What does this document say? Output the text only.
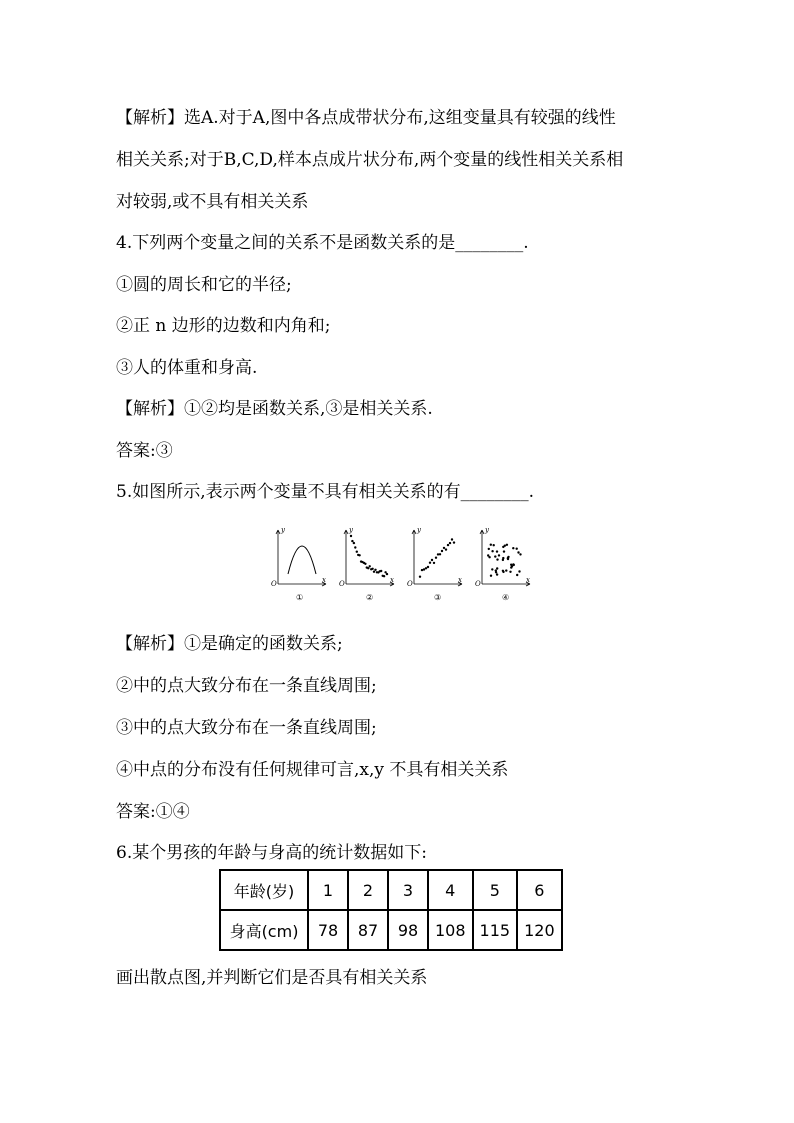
【解析】选A.对于A,图中各点成带状分布,这组变量具有较强的线性
相关关系;对于B,C,D,样本点成片状分布,两个变量的线性相关关系相
对较弱,或不具有相关关系
4.下列两个变量之间的关系不是函数关系的是________.
①圆的周长和它的半径;
②正 n 边形的边数和内角和;
③人的体重和身高.
【解析】①②均是函数关系,③是相关关系.
答案:③
5.如图所示,表示两个变量不具有相关关系的有________.
y
x
O
①
y
x
O
②
y
x
O
③
y
x
O
④
【解析】①是确定的函数关系;
②中的点大致分布在一条直线周围;
③中的点大致分布在一条直线周围;
④中点的分布没有任何规律可言,x,y 不具有相关关系
答案:①④
6.某个男孩的年龄与身高的统计数据如下:
年龄(岁)	1	2	3	4	5	6
身高(cm)	78	87	98	108	115	120
画出散点图,并判断它们是否具有相关关系
